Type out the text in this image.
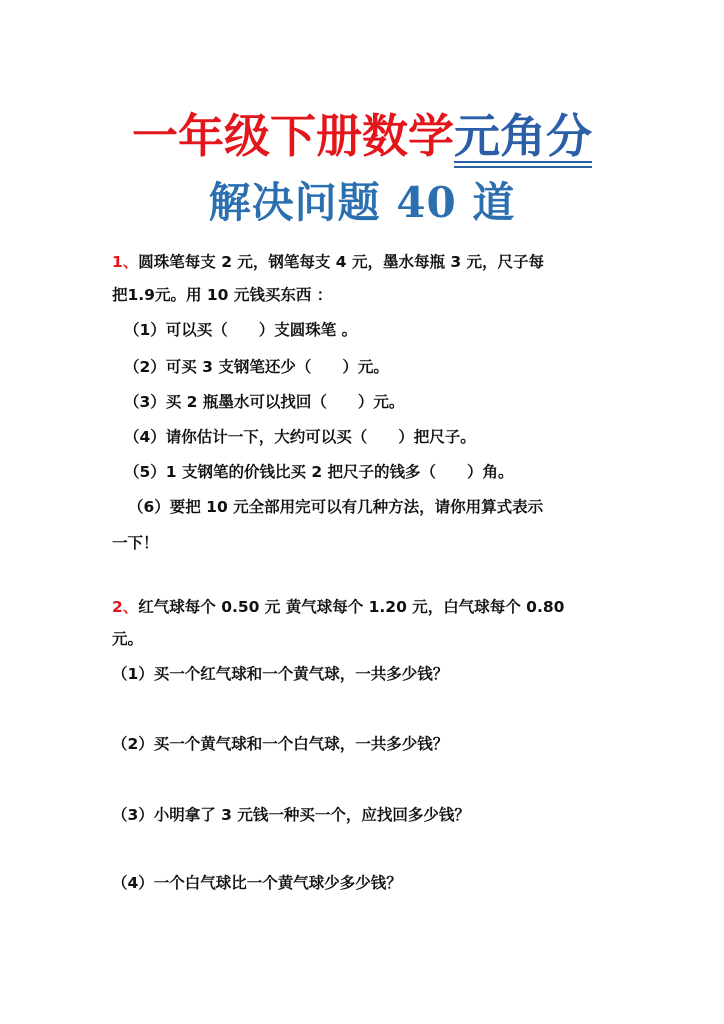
一年级下册数学元角分
解决问题 40 道
1、圆珠笔每支 2 元，钢笔每支 4 元，墨水每瓶 3 元，尺子每
把1.9元。用 10 元钱买东西 ：
（1）可以买（　　）支圆珠笔 。
（2）可买 3 支钢笔还少（　　）元。
（3）买 2 瓶墨水可以找回（　　）元。
（4）请你估计一下，大约可以买（　　）把尺子。
（5）1 支钢笔的价钱比买 2 把尺子的钱多（　　）角。
（6）要把 10 元全部用完可以有几种方法，请你用算式表示
一下！
2、红气球每个 0.50 元 黄气球每个 1.20 元，白气球每个 0.80
元。
（1）买一个红气球和一个黄气球，一共多少钱？
（2）买一个黄气球和一个白气球，一共多少钱？
（3）小明拿了 3 元钱一种买一个，应找回多少钱？
（4）一个白气球比一个黄气球少多少钱？
